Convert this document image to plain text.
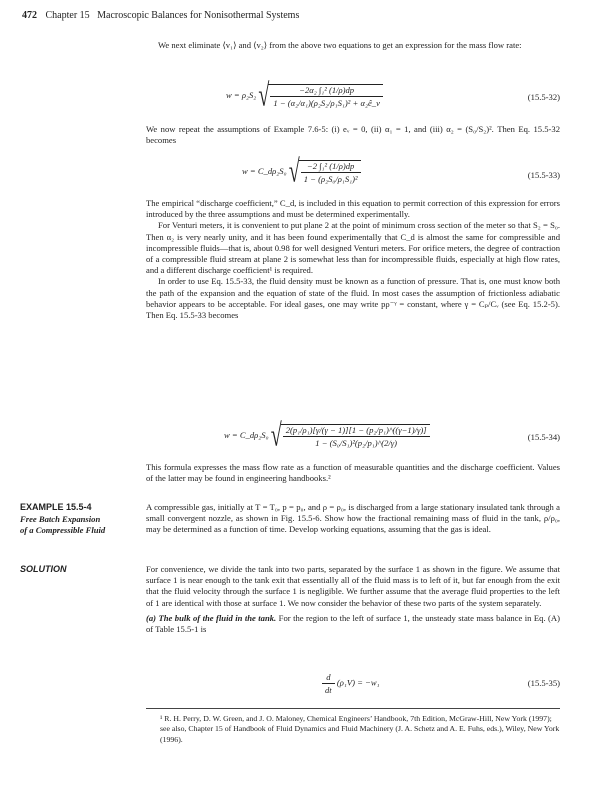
472 Chapter 15 Macroscopic Balances for Nonisothermal Systems

We next eliminate ⟨v₁⟩ and ⟨v₂⟩ from the above two equations to get an expression for the mass flow rate:

w = ρ₂S₂ √ $\frac{\text{−2α₂ ∫₁² (1/ρ)dp}}{\text{1 − (α₂/α₁)(ρ₂S₂/ρ₁S₁)² + α₂ê\_v}}$	(15.5-32)

We now repeat the assumptions of Example 7.6-5: (i) eᵥ = 0, (ii) α₁ = 1, and (iii) α₂ = (S₀/S₂)². Then Eq. 15.5-32 becomes

w = C_dρ₂S₀ √ $\frac{\text{−2 ∫₁² (1/ρ)dp}}{\text{1 − (ρ₂S₀/ρ₁S₁)²}}$	(15.5-33)

The empirical “discharge coefficient,” C_d, is included in this equation to permit correction of this expression for errors introduced by the three assumptions and must be determined experimentally.

For Venturi meters, it is convenient to put plane 2 at the point of minimum cross section of the meter so that S₂ = S₀. Then α₂ is very nearly unity, and it has been found experimentally that C_d is almost the same for compressible and incompressible fluids—that is, about 0.98 for well designed Venturi meters. For orifice meters, the degree of contraction of a compressible fluid stream at plane 2 is somewhat less than for incompressible fluids, especially at high flow rates, and a different discharge coefficient¹ is required.

In order to use Eq. 15.5-33, the fluid density must be known as a function of pressure. That is, one must know both the path of the expansion and the equation of state of the fluid. In most cases the assumption of frictionless adiabatic behavior appears to be acceptable. For ideal gases, one may write pρ⁻ᵞ = constant, where γ = Cₚ/Cᵥ (see Eq. 15.2-5). Then Eq. 15.5-33 becomes

w = C_dρ₂S₀ √ $\frac{\text{2(p₁/ρ₁)[γ/(γ − 1)][1 − (p₂/p₁)\textasciicircum{}((γ−1)/γ)]}}{\text{1 − (S₀/S₁)²(p₂/p₁)\textasciicircum{}(2/γ)}}$	(15.5-34)

This formula expresses the mass flow rate as a function of measurable quantities and the discharge coefficient. Values of the latter may be found in engineering handbooks.²

EXAMPLE 15.5-4
Free Batch Expansion
of a Compressible Fluid

A compressible gas, initially at T = T₀, p = p₀, and ρ = ρ₀, is discharged from a large stationary insulated tank through a small convergent nozzle, as shown in Fig. 15.5-6. Show how the fractional remaining mass of fluid in the tank, ρ/ρ₀, may be determined as a function of time. Develop working equations, assuming that the gas is ideal.

SOLUTION	For convenience, we divide the tank into two parts, separated by the surface 1 as shown in the figure. We assume that surface 1 is near enough to the tank exit that essentially all of the fluid mass is to left of it, but far enough from the exit that the fluid velocity through the surface 1 is negligible. We further assume that the average fluid properties to the left of 1 are identical with those at surface 1. We now consider the behavior of these two parts of the system separately.

(a) The bulk of the fluid in the tank. For the region to the left of surface 1, the unsteady state mass balance in Eq. (A) of Table 15.5-1 is

$\frac{d}{dt} (\rho_1V) = -w_1$	(15.5-35)

¹ R. H. Perry, D. W. Green, and J. O. Maloney, Chemical Engineers’ Handbook, 7th Edition, McGraw-Hill, New York (1997); see also, Chapter 15 of Handbook of Fluid Dynamics and Fluid Machinery (J. A. Schetz and A. E. Fuhs, eds.), Wiley, New York (1996).
